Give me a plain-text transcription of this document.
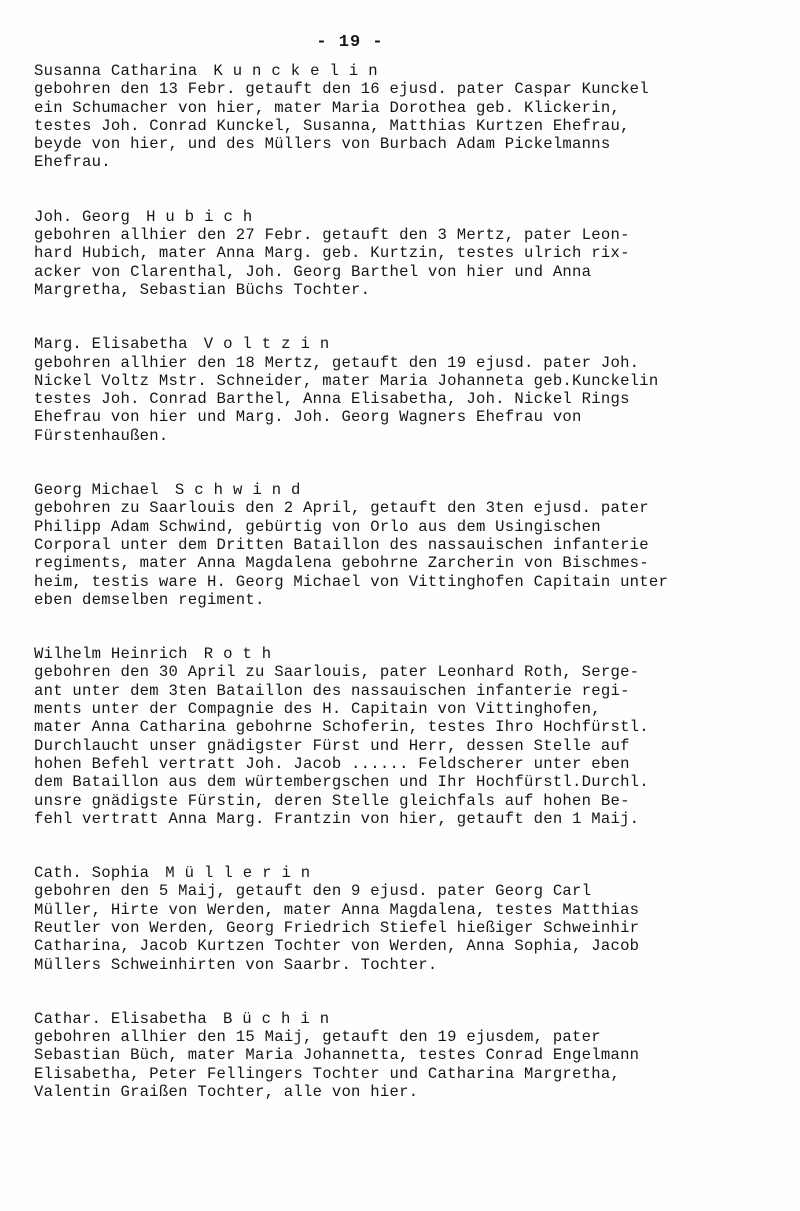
- 19 -
Susanna Catharina Kunckelin
gebohren den 13 Febr. getauft den 16 ejusd. pater Caspar Kunckel
ein Schumacher von hier, mater Maria Dorothea geb. Klickerin,
testes Joh. Conrad Kunckel, Susanna, Matthias Kurtzen Ehefrau,
beyde von hier, und des Müllers von Burbach Adam Pickelmanns
Ehefrau.
Joh. Georg Hubich
gebohren allhier den 27 Febr. getauft den 3 Mertz, pater Leon-
hard Hubich, mater Anna Marg. geb. Kurtzin, testes ulrich rix-
acker von Clarenthal, Joh. Georg Barthel von hier und Anna
Margretha, Sebastian Büchs Tochter.
Marg. Elisabetha Voltzin
gebohren allhier den 18 Mertz, getauft den 19 ejusd. pater Joh.
Nickel Voltz Mstr. Schneider, mater Maria Johanneta geb.Kunckelin
testes Joh. Conrad Barthel, Anna Elisabetha, Joh. Nickel Rings
Ehefrau von hier und Marg. Joh. Georg Wagners Ehefrau von
Fürstenhaußen.
Georg Michael Schwind
gebohren zu Saarlouis den 2 April, getauft den 3ten ejusd. pater
Philipp Adam Schwind, gebürtig von Orlo aus dem Usingischen
Corporal unter dem Dritten Bataillon des nassauischen infanterie
regiments, mater Anna Magdalena gebohrne Zarcherin von Bischmes-
heim, testis ware H. Georg Michael von Vittinghofen Capitain unter
eben demselben regiment.
Wilhelm Heinrich Roth
gebohren den 30 April zu Saarlouis, pater Leonhard Roth, Serge-
ant unter dem 3ten Bataillon des nassauischen infanterie regi-
ments unter der Compagnie des H. Capitain von Vittinghofen,
mater Anna Catharina gebohrne Schoferin, testes Ihro Hochfürstl.
Durchlaucht unser gnädigster Fürst und Herr, dessen Stelle auf
hohen Befehl vertratt Joh. Jacob ...... Feldscherer unter eben
dem Bataillon aus dem würtembergschen und Ihr Hochfürstl.Durchl.
unsre gnädigste Fürstin, deren Stelle gleichfals auf hohen Be-
fehl vertratt Anna Marg. Frantzin von hier, getauft den 1 Maij.
Cath. Sophia Müllerin
gebohren den 5 Maij, getauft den 9 ejusd. pater Georg Carl
Müller, Hirte von Werden, mater Anna Magdalena, testes Matthias
Reutler von Werden, Georg Friedrich Stiefel hießiger Schweinhir
Catharina, Jacob Kurtzen Tochter von Werden, Anna Sophia, Jacob
Müllers Schweinhirten von Saarbr. Tochter.
Cathar. Elisabetha Büchin
gebohren allhier den 15 Maij, getauft den 19 ejusdem, pater
Sebastian Büch, mater Maria Johannetta, testes Conrad Engelmann
Elisabetha, Peter Fellingers Tochter und Catharina Margretha,
Valentin Graißen Tochter, alle von hier.
